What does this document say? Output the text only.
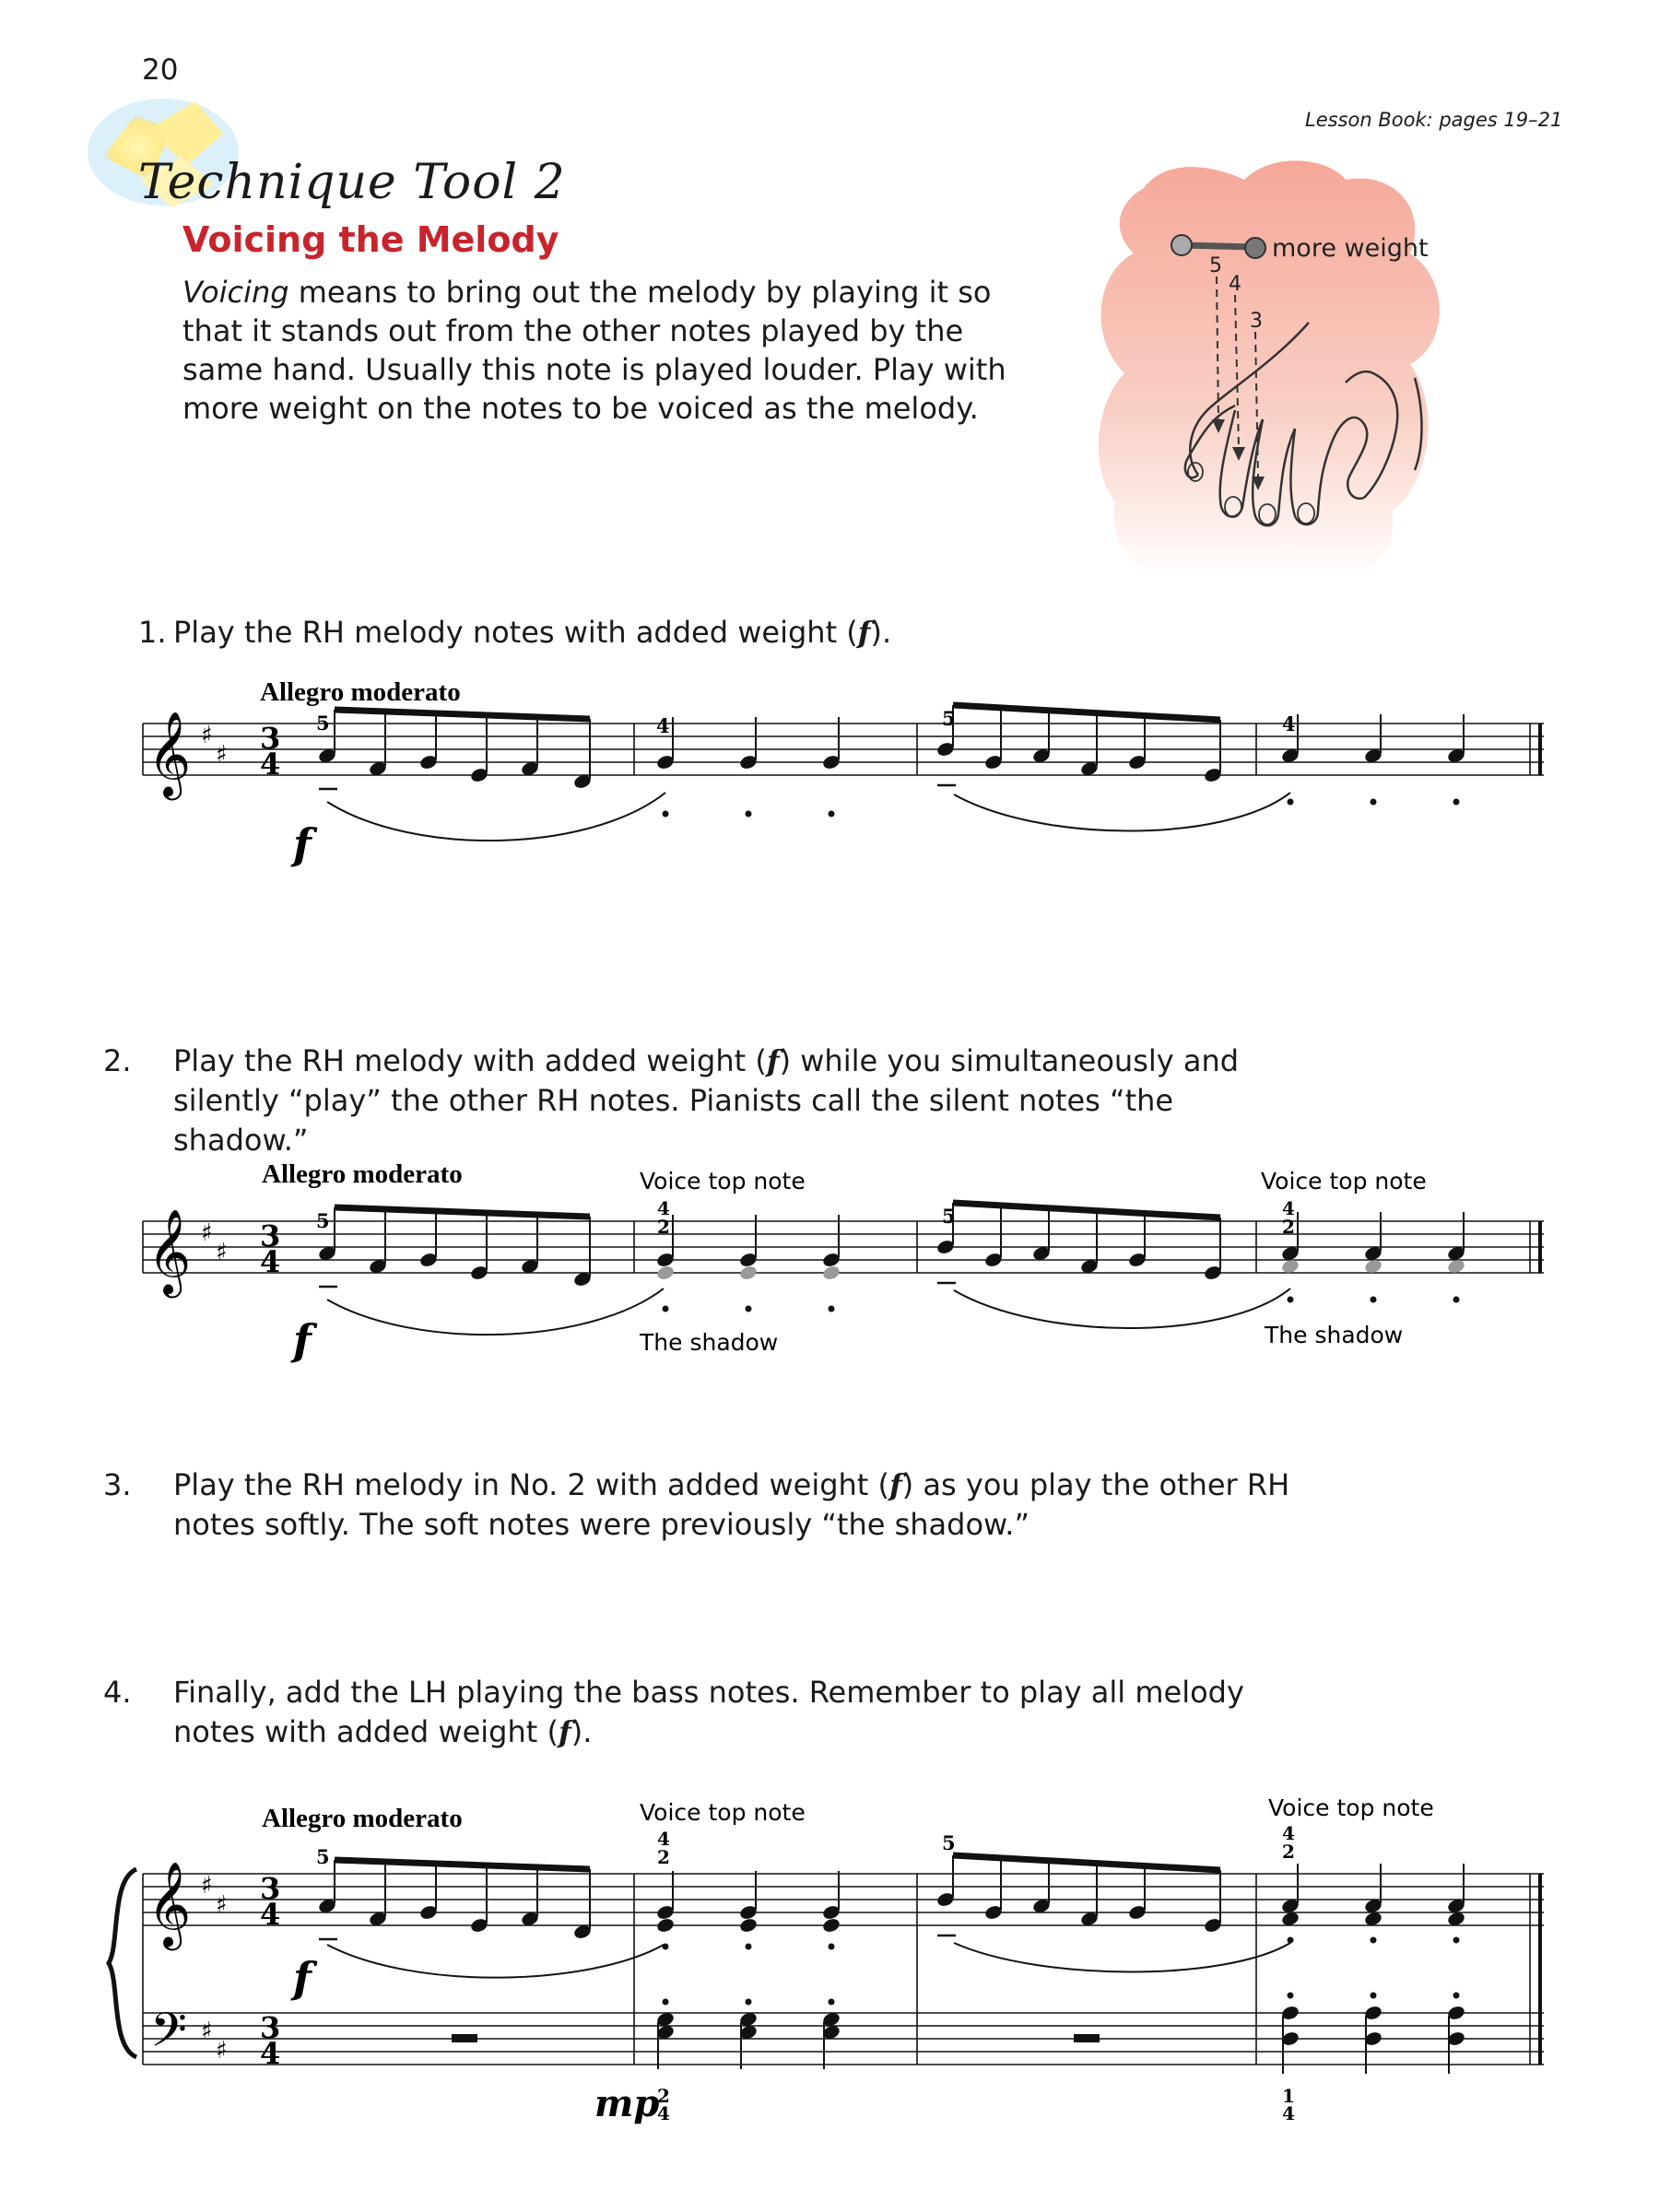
20
Lesson Book: pages 19–21
Technique Tool 2
Voicing the Melody
Voicing means to bring out the melody by playing it so that it stands out from the other notes played by the same hand. Usually this note is played louder. Play with more weight on the notes to be voiced as the melody.
5
4
3
more weight
1. Play the RH melody notes with added weight (f).
2. Play the RH melody with added weight (f) while you simultaneously and silently “play” the other RH notes. Pianists call the silent notes “the shadow.”
3. Play the RH melody in No. 2 with added weight (f) as you play the other RH notes softly. The soft notes were previously “the shadow.”
4. Finally, add the LH playing the bass notes. Remember to play all melody notes with added weight (f).
Allegro moderato
𝄞 ♯
♯ 3
4
5
f
4	5	4
Allegro moderato	Voice top note	Voice top note
𝄞 ♯
♯ 3
4
5
f
4
2
The shadow
5	4
2
The shadow
Allegro moderato	Voice top note	Voice top note
𝄞
𝄢
♯
♯
♯
♯
3
4
3
4
5
f
4
2
mp
2
4
5	4
2
1
4
